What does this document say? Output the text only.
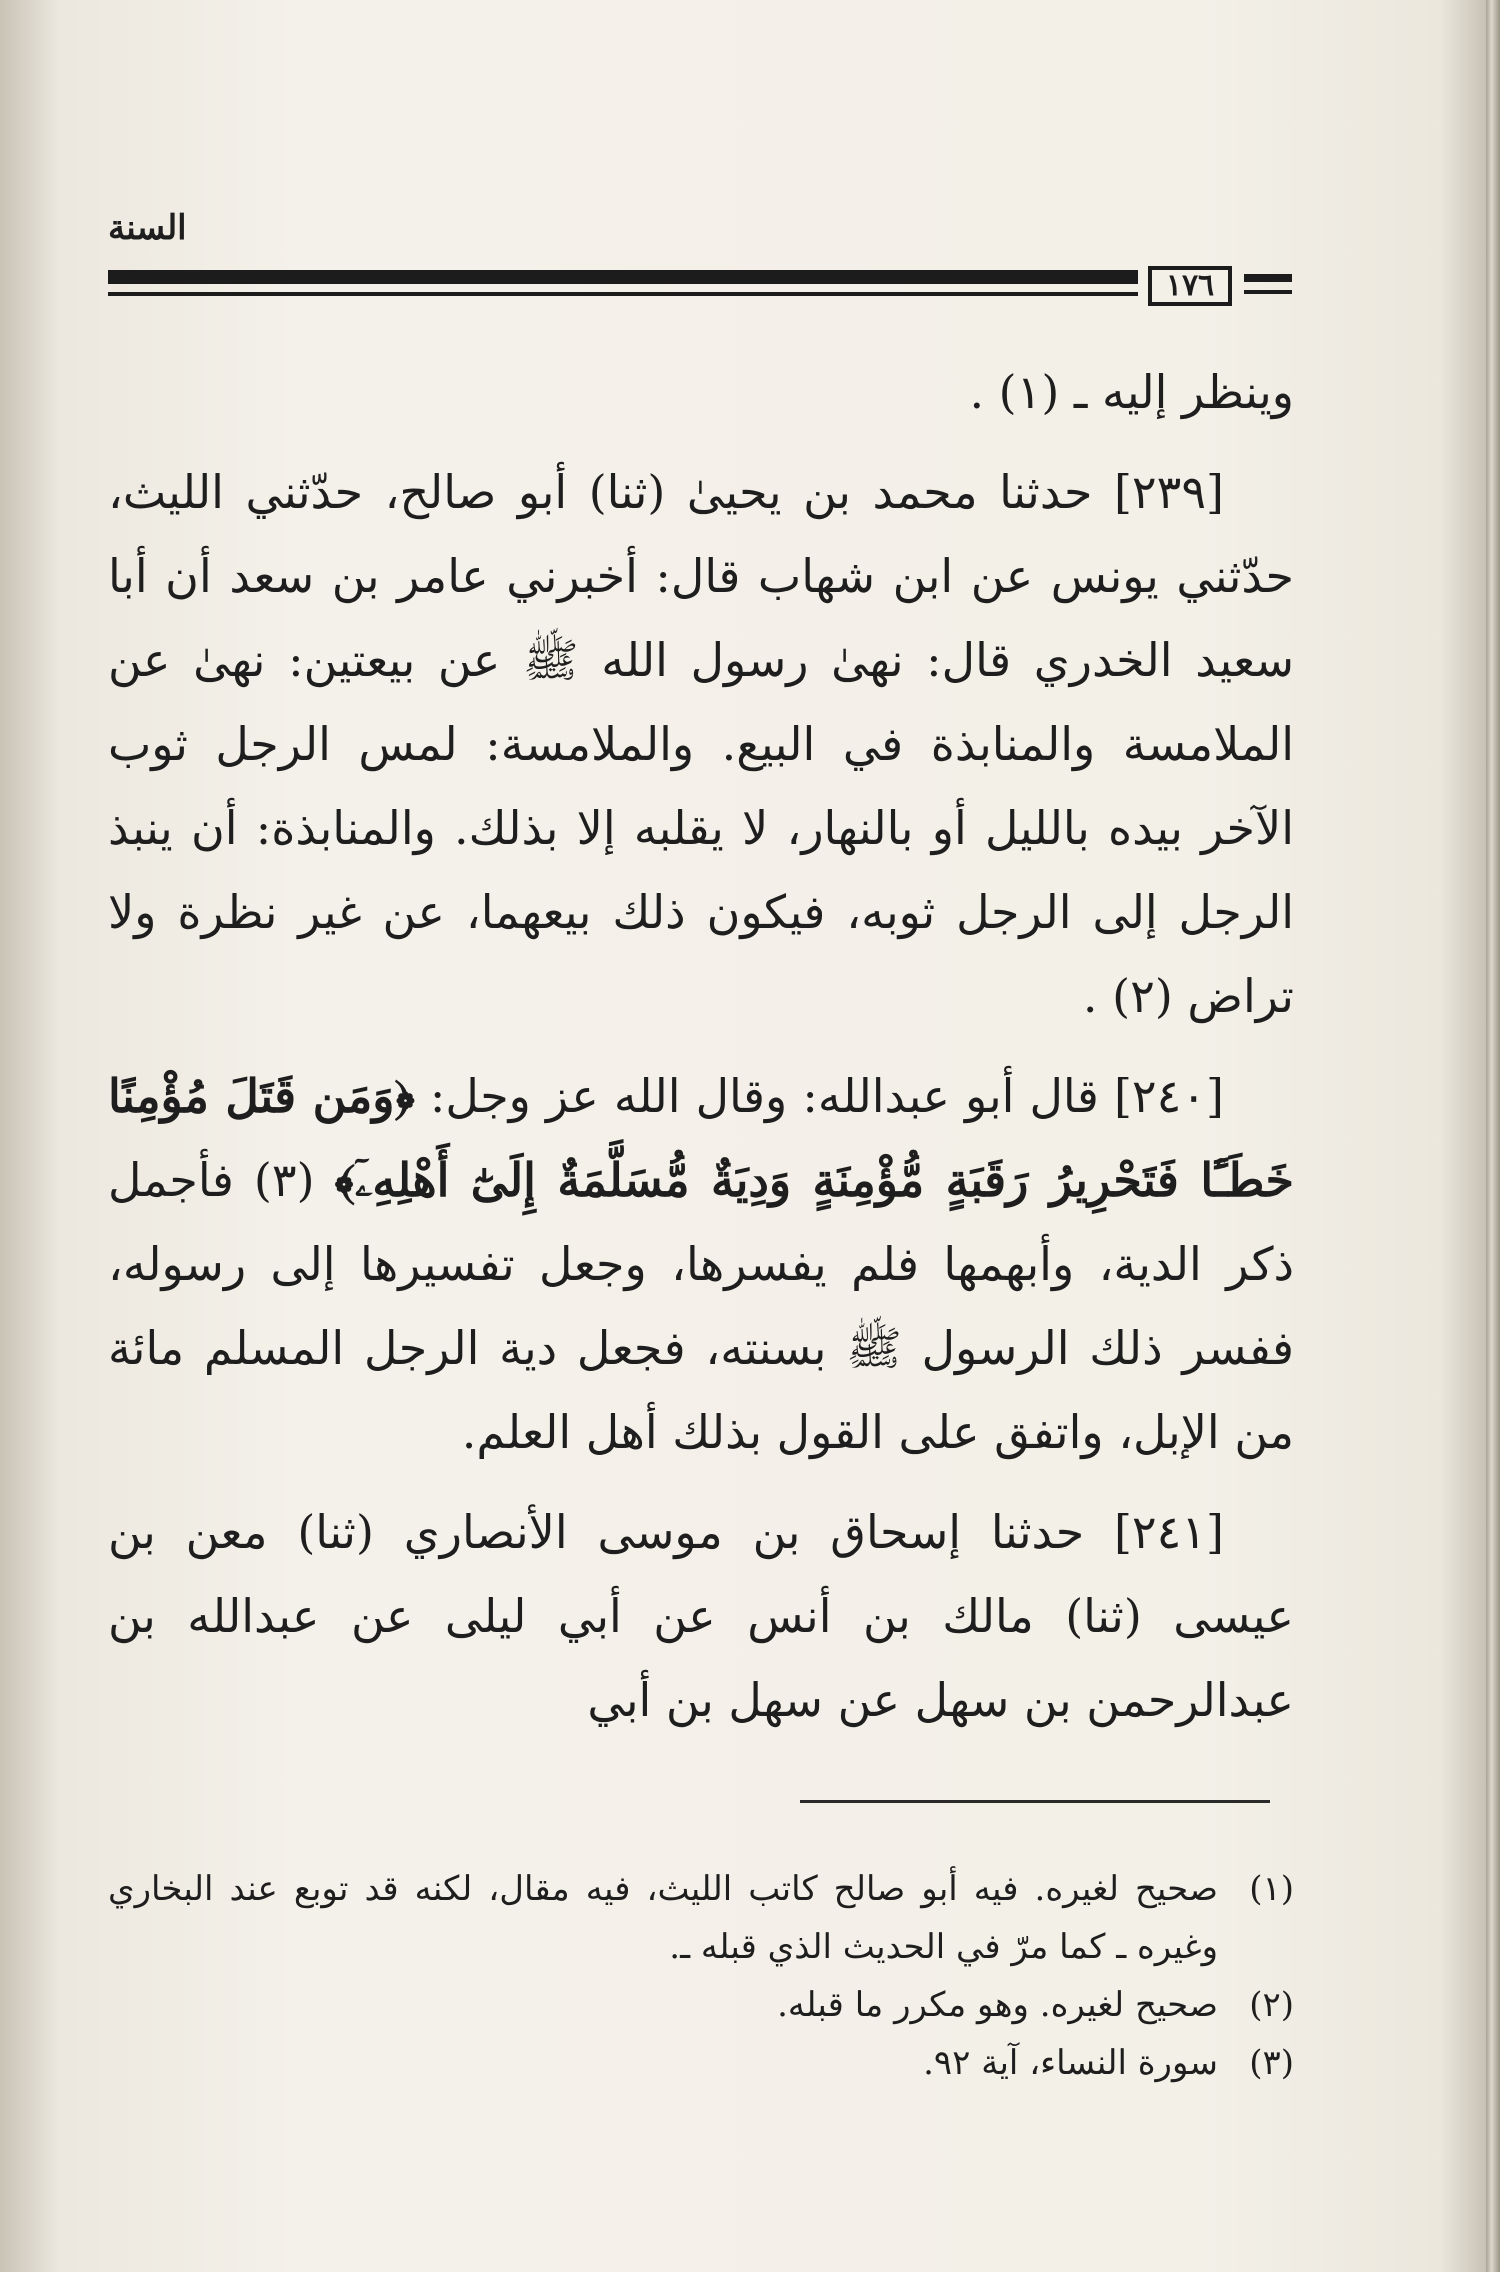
السنة
١٧٦

وينظر إليه ـ (١) .

[٢٣٩] حدثنا محمد بن يحيىٰ (ثنا) أبو صالح، حدّثني الليث، حدّثني يونس عن ابن شهاب قال: أخبرني عامر بن سعد أن أبا سعيد الخدري قال: نهىٰ رسول الله ﷺ عن بيعتين: نهىٰ عن الملامسة والمنابذة في البيع. والملامسة: لمس الرجل ثوب الآخر بيده بالليل أو بالنهار، لا يقلبه إلا بذلك. والمنابذة: أن ينبذ الرجل إلى الرجل ثوبه، فيكون ذلك بيعهما، عن غير نظرة ولا تراض (٢) .

[٢٤٠] قال أبو عبدالله: وقال الله عز وجل: ﴿وَمَن قَتَلَ مُؤْمِنًا خَطَـًٔا فَتَحْرِيرُ رَقَبَةٍ مُّؤْمِنَةٍ وَدِيَةٌ مُّسَلَّمَةٌ إِلَىٰٓ أَهْلِهِۦٓ﴾ (٣) فأجمل ذكر الدية، وأبهمها فلم يفسرها، وجعل تفسيرها إلى رسوله، ففسر ذلك الرسول ﷺ بسنته، فجعل دية الرجل المسلم مائة من الإبل، واتفق على القول بذلك أهل العلم.

[٢٤١] حدثنا إسحاق بن موسى الأنصاري (ثنا) معن بن عيسى (ثنا) مالك بن أنس عن أبي ليلى عن عبدالله بن عبدالرحمن بن سهل عن سهل بن أبي

(١)
صحيح لغيره. فيه أبو صالح كاتب الليث، فيه مقال، لكنه قد توبع عند البخاري وغيره ـ كما مرّ في الحديث الذي قبله ـ.
(٢)
صحيح لغيره. وهو مكرر ما قبله.
(٣)
سورة النساء، آية ٩٢.
